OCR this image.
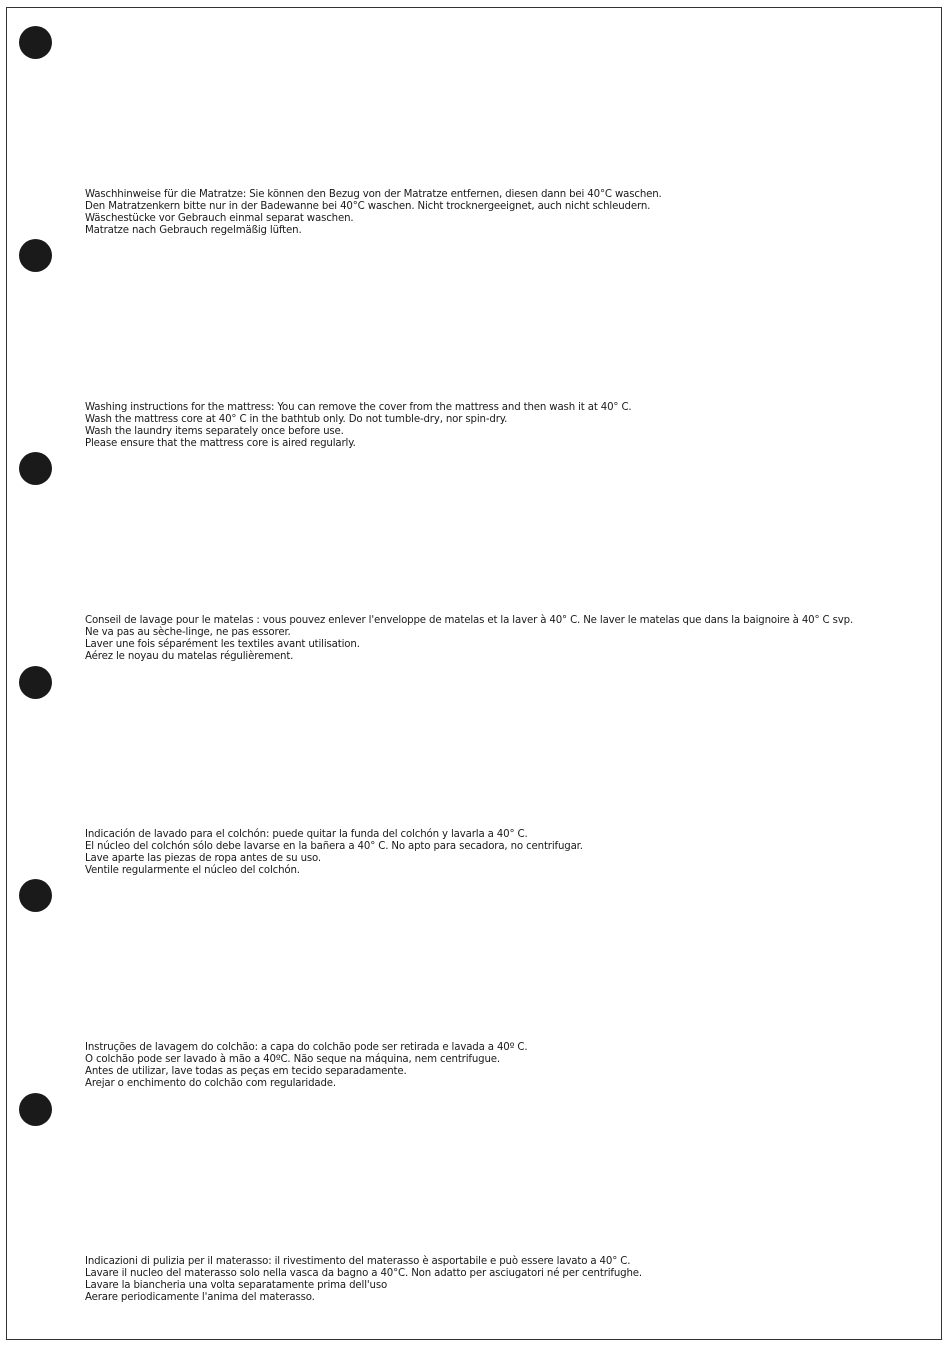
Waschhinweise für die Matratze: Sie können den Bezug von der Matratze entfernen, diesen dann bei 40°C waschen.
Den Matratzenkern bitte nur in der Badewanne bei 40°C waschen. Nicht trocknergeeignet, auch nicht schleudern.
Wäschestücke vor Gebrauch einmal separat waschen.
Matratze nach Gebrauch regelmäßig lüften.

Washing instructions for the mattress: You can remove the cover from the mattress and then wash it at 40° C.
Wash the mattress core at 40° C in the bathtub only. Do not tumble-dry, nor spin-dry.
Wash the laundry items separately once before use.
Please ensure that the mattress core is aired regularly.

Conseil de lavage pour le matelas : vous pouvez enlever l'enveloppe de matelas et la laver à 40° C. Ne laver le matelas que dans la baignoire à 40° C svp.
Ne va pas au sèche-linge, ne pas essorer.
Laver une fois séparément les textiles avant utilisation.
Aérez le noyau du matelas régulièrement.

Indicación de lavado para el colchón: puede quitar la funda del colchón y lavarla a 40° C.
El núcleo del colchón sólo debe lavarse en la bañera a 40° C. No apto para secadora, no centrifugar.
Lave aparte las piezas de ropa antes de su uso.
Ventile regularmente el núcleo del colchón.

Instruções de lavagem do colchão: a capa do colchão pode ser retirada e lavada a 40º C.
O colchão pode ser lavado à mão a 40ºC. Não seque na máquina, nem centrifugue.
Antes de utilizar, lave todas as peças em tecido separadamente.
Arejar o enchimento do colchão com regularidade.

Indicazioni di pulizia per il materasso: il rivestimento del materasso è asportabile e può essere lavato a 40° C.
Lavare il nucleo del materasso solo nella vasca da bagno a 40°C. Non adatto per asciugatori né per centrifughe.
Lavare la biancheria una volta separatamente prima dell'uso
Aerare periodicamente l'anima del materasso.
